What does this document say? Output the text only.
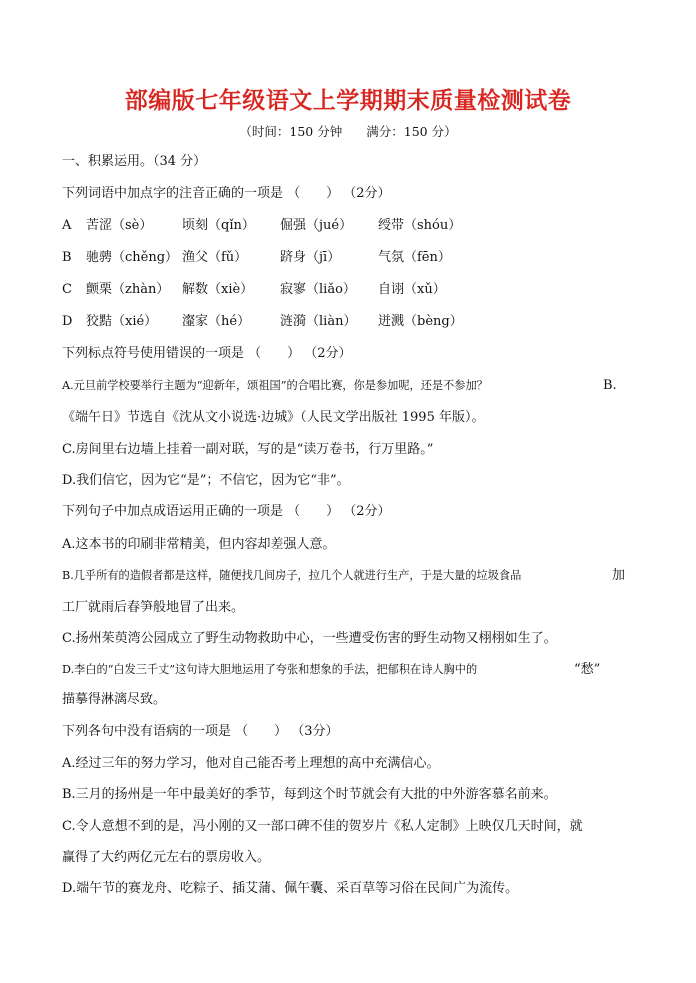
部编版七年级语文上学期期末质量检测试卷
（时间：150 分钟 满分：150 分）
一、积累运用。（34 分）
下列词语中加点字的注音正确的一项是 （　　） （2分）
A 苦涩（sè） 顷刻（qǐn） 倔强（jué） 绶带（shóu）
B 驰骋（chěng） 渔父（fǔ）	跻身（jī）	气氛（fēn）
C 颤栗（zhàn） 解数（xiè） 寂寥（liǎo） 自诩（xǔ）
D 狡黠（xié） 瀣家（hé） 涟漪（liàn） 迸溅（bèng）
下列标点符号使用错误的一项是 （　　） （2分）
A.元旦前学校要举行主题为“迎新年，颂祖国”的合唱比赛，你是参加呢，还是不参加？	B.
《端午日》节选自《沈从文小说选·边城》（人民文学出版社 1995 年版）。
C.房间里右边墙上挂着一副对联，写的是“读万卷书，行万里路。”
D.我们信它，因为它“是”；不信它，因为它“非”。
下列句子中加点成语运用正确的一项是 （　　） （2分）
A.这本书的印刷非常精美，但内容却差强人意。
B.几乎所有的造假者都是这样，随便找几间房子，拉几个人就进行生产，于是大量的垃圾食品	加
工厂就雨后春笋般地冒了出来。
C.扬州茱萸湾公园成立了野生动物救助中心，一些遭受伤害的野生动物又栩栩如生了。
D.李白的“白发三千丈”这句诗大胆地运用了夸张和想象的手法，把郁积在诗人胸中的	“愁”
描摹得淋漓尽致。
下列各句中没有语病的一项是 （　　） （3分）
A.经过三年的努力学习，他对自己能否考上理想的高中充满信心。
B.三月的扬州是一年中最美好的季节，每到这个时节就会有大批的中外游客慕名前来。
C.令人意想不到的是，冯小刚的又一部口碑不佳的贺岁片《私人定制》上映仅几天时间，就
赢得了大约两亿元左右的票房收入。
D.端午节的赛龙舟、吃粽子、插艾蒲、佩午囊、采百草等习俗在民间广为流传。
